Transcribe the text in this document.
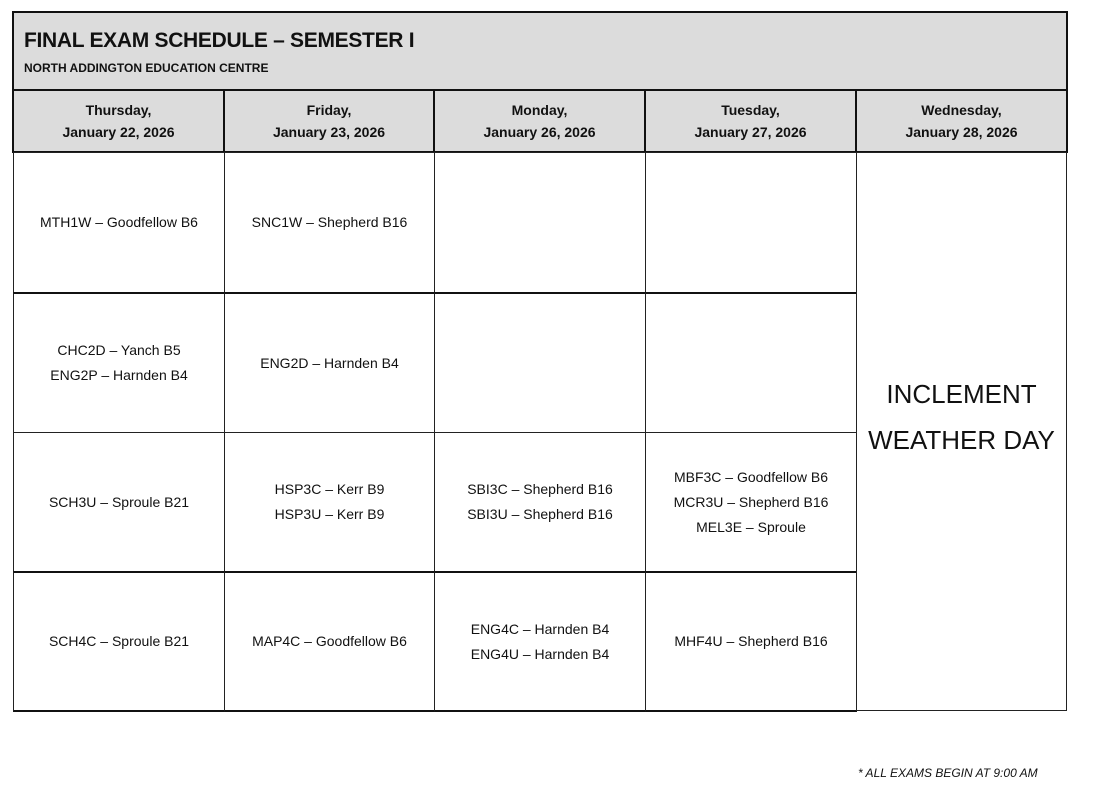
FINAL EXAM SCHEDULE – SEMESTER I
NORTH ADDINGTON EDUCATION CENTRE
Thursday,
January 22, 2026
Friday,
January 23, 2026
Monday,
January 26, 2026
Tuesday,
January 27, 2026
Wednesday,
January 28, 2026
MTH1W – Goodfellow B6	SNC1W – Shepherd B16
CHC2D – Yanch B5
ENG2P – Harnden B4
ENG2D – Harnden B4
SCH3U – Sproule B21
HSP3C – Kerr B9
HSP3U – Kerr B9
SBI3C – Shepherd B16
SBI3U – Shepherd B16
MBF3C – Goodfellow B6
MCR3U – Shepherd B16
MEL3E – Sproule
SCH4C – Sproule B21	MAP4C – Goodfellow B6
ENG4C – Harnden B4
ENG4U – Harnden B4
MHF4U – Shepherd B16
INCLEMENT
WEATHER DAY
* ALL EXAMS BEGIN AT 9:00 AM
